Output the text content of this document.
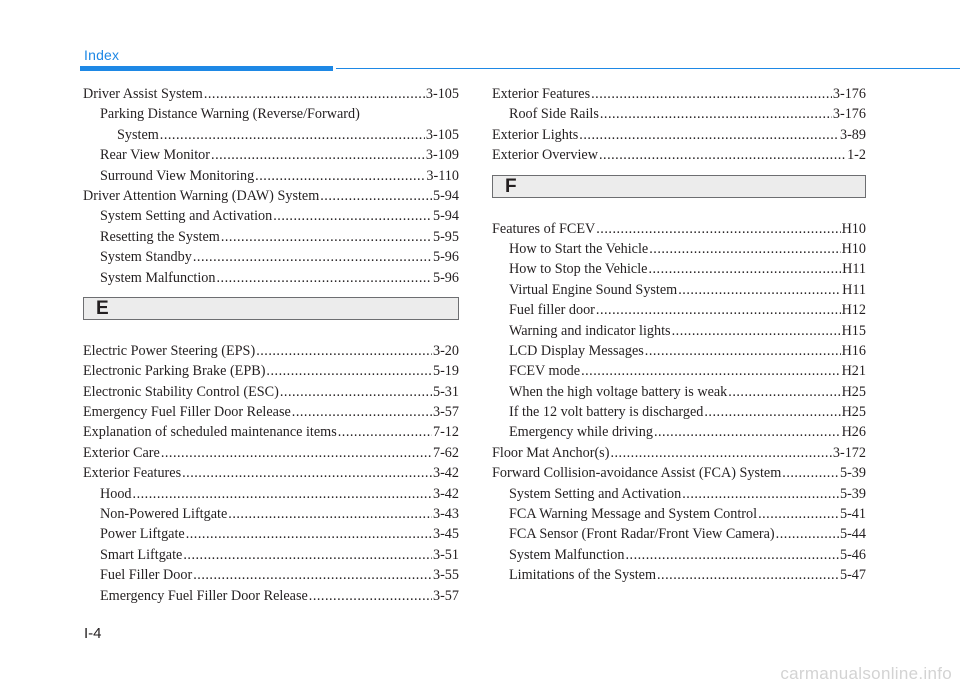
Index
Driver Assist System .....	3-105
Parking Distance Warning (Reverse/Forward)
System .....	3-105
Rear View Monitor .....	3-109
Surround View Monitoring .....	3-110
Driver Attention Warning (DAW) System .....	5-94
System Setting and Activation .....	5-94
Resetting the System .....	5-95
System Standby .....	5-96
System Malfunction .....	5-96
E
Electric Power Steering (EPS) .....	3-20
Electronic Parking Brake (EPB) .....	5-19
Electronic Stability Control (ESC) .....	5-31
Emergency Fuel Filler Door Release .....	3-57
Explanation of scheduled maintenance items .....	7-12
Exterior Care .....	7-62
Exterior Features .....	3-42
Hood .....	3-42
Non-Powered Liftgate .....	3-43
Power Liftgate .....	3-45
Smart Liftgate .....	3-51
Fuel Filler Door .....	3-55
Emergency Fuel Filler Door Release .....	3-57
Exterior Features .....	3-176
Roof Side Rails .....	3-176
Exterior Lights .....	3-89
Exterior Overview .....	1-2
F
Features of FCEV .....	H10
How to Start the Vehicle .....	H10
How to Stop the Vehicle .....	H11
Virtual Engine Sound System .....	H11
Fuel filler door .....	H12
Warning and indicator lights .....	H15
LCD Display Messages .....	H16
FCEV mode .....	H21
When the high voltage battery is weak .....	H25
If the 12 volt battery is discharged .....	H25
Emergency while driving .....	H26
Floor Mat Anchor(s) .....	3-172
Forward Collision-avoidance Assist (FCA) System .....	5-39
System Setting and Activation .....	5-39
FCA Warning Message and System Control .....	5-41
FCA Sensor (Front Radar/Front View Camera) .....	5-44
System Malfunction .....	5-46
Limitations of the System .....	5-47
I-4
carmanualsonline.info
